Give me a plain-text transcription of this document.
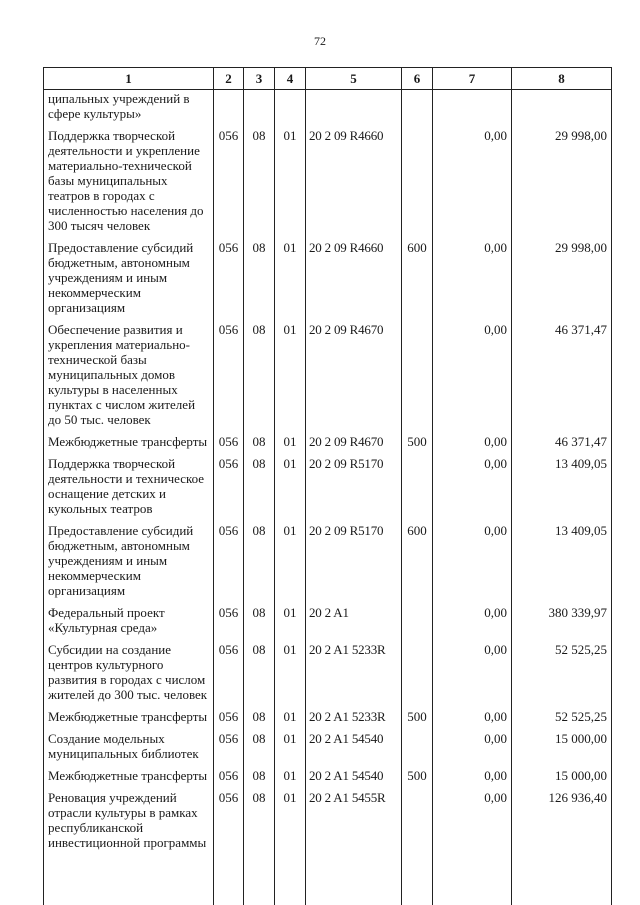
72
1	2	3	4	5	6	7	8
ципальных учреждений в сфере культуры»							
Поддержка творческой деятельности и укрепление материально-технической базы муниципальных театров в городах с численностью населения до 300 тысяч человек	056	08	01	20 2 09 R4660		0,00	29 998,00
Предоставление субсидий бюджетным, автономным учреждениям и иным некоммерческим организациям	056	08	01	20 2 09 R4660	600	0,00	29 998,00
Обеспечение развития и укрепления материально-технической базы муниципальных домов культуры в населенных пунктах с числом жителей до 50 тыс. человек	056	08	01	20 2 09 R4670		0,00	46 371,47
Межбюджетные трансферты	056	08	01	20 2 09 R4670	500	0,00	46 371,47
Поддержка творческой деятельности и техническое оснащение детских и кукольных театров	056	08	01	20 2 09 R5170		0,00	13 409,05
Предоставление субсидий бюджетным, автономным учреждениям и иным некоммерческим организациям	056	08	01	20 2 09 R5170	600	0,00	13 409,05
Федеральный проект «Культурная среда»	056	08	01	20 2 A1		0,00	380 339,97
Субсидии на создание центров культурного развития в городах с числом жителей до 300 тыс. человек	056	08	01	20 2 A1 5233R		0,00	52 525,25
Межбюджетные трансферты	056	08	01	20 2 A1 5233R	500	0,00	52 525,25
Создание модельных муниципальных библиотек	056	08	01	20 2 A1 54540		0,00	15 000,00
Межбюджетные трансферты	056	08	01	20 2 A1 54540	500	0,00	15 000,00
Реновация учреждений отрасли культуры в рамках республиканской инвестиционной программы	056	08	01	20 2 A1 5455R		0,00	126 936,40
